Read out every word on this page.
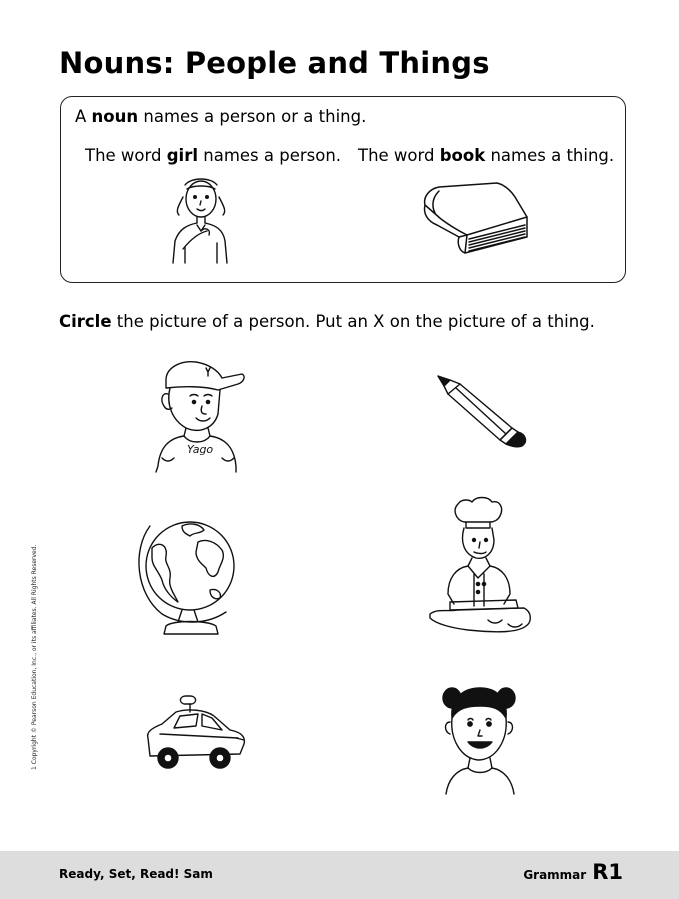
Nouns: People and Things
A noun names a person or a thing.
The word girl names a person. The word book names a thing.
Circle the picture of a person. Put an X on the picture of a thing.
Yago
1 Copyright © Pearson Education, Inc., or its affiliates. All Rights Reserved.
Ready, Set, Read! Sam	Grammar R1
